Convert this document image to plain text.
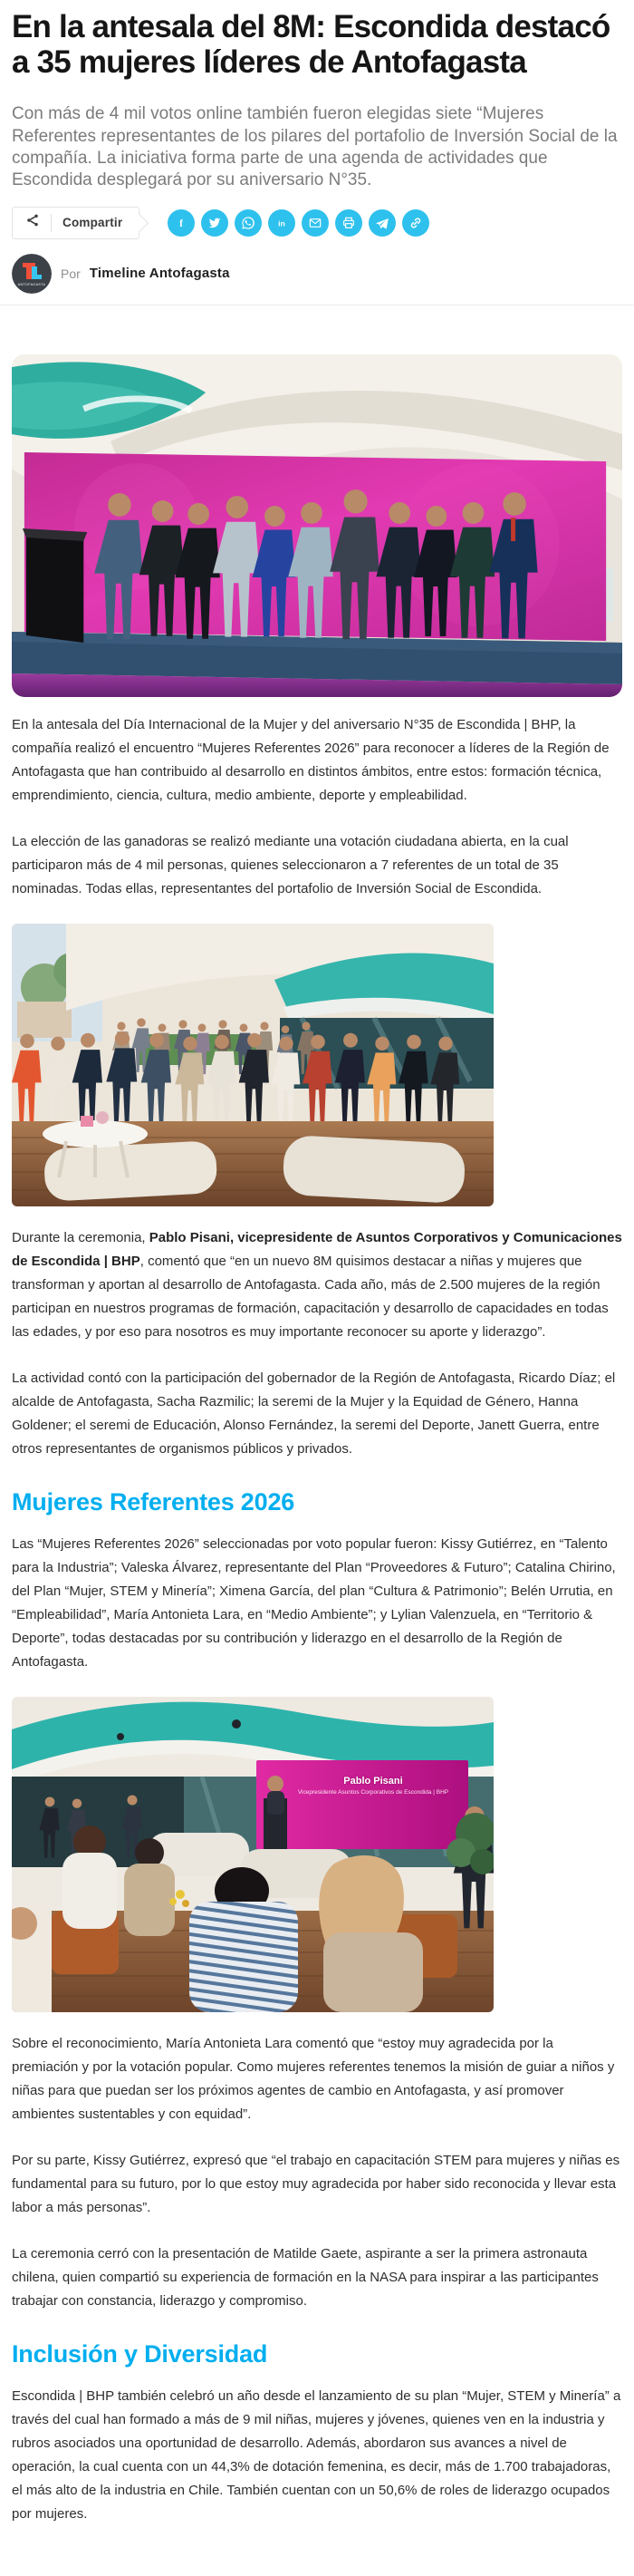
En la antesala del 8M: Escondida destacó a 35 mujeres líderes de Antofagasta

Con más de 4 mil votos online también fueron elegidas siete “Mujeres Referentes representantes de los pilares del portafolio de Inversión Social de la compañía. La iniciativa forma parte de una agenda de actividades que Escondida desplegará por su aniversario N°35.

Compartir	f	in
ANTOFAGASTA
Por Timeline Antofagasta

En la antesala del Día Internacional de la Mujer y del aniversario N°35 de Escondida | BHP, la compañía realizó el encuentro “Mujeres Referentes 2026” para reconocer a líderes de la Región de Antofagasta que han contribuido al desarrollo en distintos ámbitos, entre estos: formación técnica, emprendimiento, ciencia, cultura, medio ambiente, deporte y empleabilidad.

La elección de las ganadoras se realizó mediante una votación ciudadana abierta, en la cual participaron más de 4 mil personas, quienes seleccionaron a 7 referentes de un total de 35 nominadas. Todas ellas, representantes del portafolio de Inversión Social de Escondida.

Durante la ceremonia, Pablo Pisani, vicepresidente de Asuntos Corporativos y Comunicaciones de Escondida | BHP, comentó que “en un nuevo 8M quisimos destacar a niñas y mujeres que transforman y aportan al desarrollo de Antofagasta. Cada año, más de 2.500 mujeres de la región participan en nuestros programas de formación, capacitación y desarrollo de capacidades en todas las edades, y por eso para nosotros es muy importante reconocer su aporte y liderazgo”.

La actividad contó con la participación del gobernador de la Región de Antofagasta, Ricardo Díaz; el alcalde de Antofagasta, Sacha Razmilic; la seremi de la Mujer y la Equidad de Género, Hanna Goldener; el seremi de Educación, Alonso Fernández, la seremi del Deporte, Janett Guerra, entre otros representantes de organismos públicos y privados.

Mujeres Referentes 2026

Las “Mujeres Referentes 2026” seleccionadas por voto popular fueron: Kissy Gutiérrez, en “Talento para la Industria”; Valeska Álvarez, representante del Plan “Proveedores & Futuro”; Catalina Chirino, del Plan “Mujer, STEM y Minería”; Ximena García, del plan “Cultura & Patrimonio”; Belén Urrutia, en “Empleabilidad”, María Antonieta Lara, en “Medio Ambiente”; y Lylian Valenzuela, en “Territorio & Deporte”, todas destacadas por su contribución y liderazgo en el desarrollo de la Región de Antofagasta.

Pablo Pisani
Vicepresidente Asuntos Corporativos de Escondida | BHP

Sobre el reconocimiento, María Antonieta Lara comentó que “estoy muy agradecida por la premiación y por la votación popular. Como mujeres referentes tenemos la misión de guiar a niños y niñas para que puedan ser los próximos agentes de cambio en Antofagasta, y así promover ambientes sustentables y con equidad”.

Por su parte, Kissy Gutiérrez, expresó que “el trabajo en capacitación STEM para mujeres y niñas es fundamental para su futuro, por lo que estoy muy agradecida por haber sido reconocida y llevar esta labor a más personas”.

La ceremonia cerró con la presentación de Matilde Gaete, aspirante a ser la primera astronauta chilena, quien compartió su experiencia de formación en la NASA para inspirar a las participantes trabajar con constancia, liderazgo y compromiso.

Inclusión y Diversidad

Escondida | BHP también celebró un año desde el lanzamiento de su plan “Mujer, STEM y Minería” a través del cual han formado a más de 9 mil niñas, mujeres y jóvenes, quienes ven en la industria y rubros asociados una oportunidad de desarrollo. Además, abordaron sus avances a nivel de operación, la cual cuenta con un 44,3% de dotación femenina, es decir, más de 1.700 trabajadoras, el más alto de la industria en Chile. También cuentan con un 50,6% de roles de liderazgo ocupados por mujeres.
